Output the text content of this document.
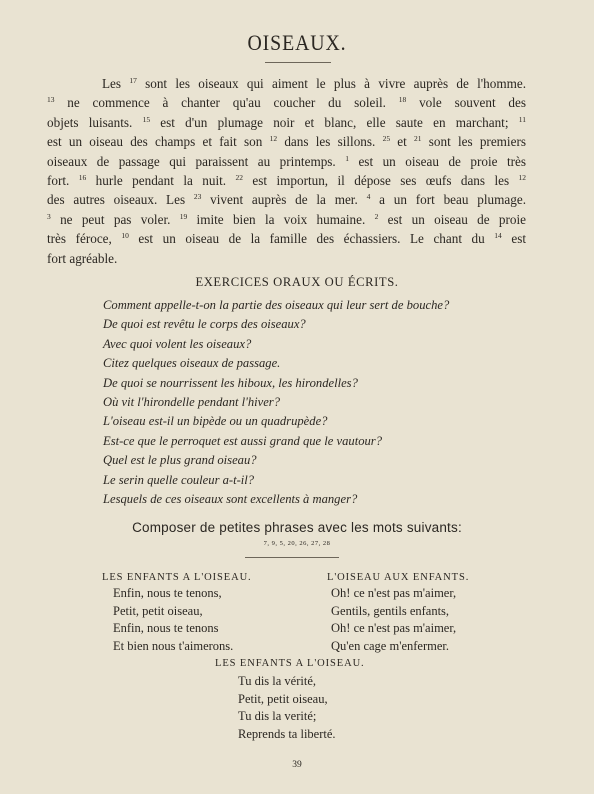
OISEAUX.
Les $^{17}$ sont les oiseaux qui aiment le plus à vivre auprès de l'homme.
$^{13}$ ne commence à chanter qu'au coucher du soleil. $^{18}$ vole souvent des
objets luisants. $^{15}$ est d'un plumage noir et blanc, elle saute en marchant; $^{11}$
est un oiseau des champs et fait son $^{12}$ dans les sillons. $^{25}$ et $^{21}$ sont les premiers
oiseaux de passage qui paraissent au printemps. $^1$ est un oiseau de proie très
fort. $^{16}$ hurle pendant la nuit. $^{22}$ est importun, il dépose ses œufs dans les $^{12}$
des autres oiseaux. Les $^{23}$ vivent auprès de la mer. $^4$ a un fort beau plumage.
$^3$ ne peut pas voler. $^{19}$ imite bien la voix humaine. $^2$ est un oiseau de proie
très féroce, $^{10}$ est un oiseau de la famille des échassiers. Le chant du $^{14}$ est
fort agréable.
EXERCICES ORAUX OU ÉCRITS.
Comment appelle-t-on la partie des oiseaux qui leur sert de bouche?
De quoi est revêtu le corps des oiseaux?
Avec quoi volent les oiseaux?
Citez quelques oiseaux de passage.
De quoi se nourrissent les hiboux, les hirondelles?
Où vit l'hirondelle pendant l'hiver?
L'oiseau est-il un bipède ou un quadrupède?
Est-ce que le perroquet est aussi grand que le vautour?
Quel est le plus grand oiseau?
Le serin quelle couleur a-t-il?
Lesquels de ces oiseaux sont excellents à manger?
Composer de petites phrases avec les mots suivants:
7, 9, 5, 20, 26, 27, 28
LES ENFANTS A L'OISEAU.
Enfin, nous te tenons,
Petit, petit oiseau,
Enfin, nous te tenons
Et bien nous t'aimerons.
L'OISEAU AUX ENFANTS.
Oh! ce n'est pas m'aimer,
Gentils, gentils enfants,
Oh! ce n'est pas m'aimer,
Qu'en cage m'enfermer.
LES ENFANTS A L'OISEAU.
Tu dis la vérité,
Petit, petit oiseau,
Tu dis la verité;
Reprends ta liberté.
39
